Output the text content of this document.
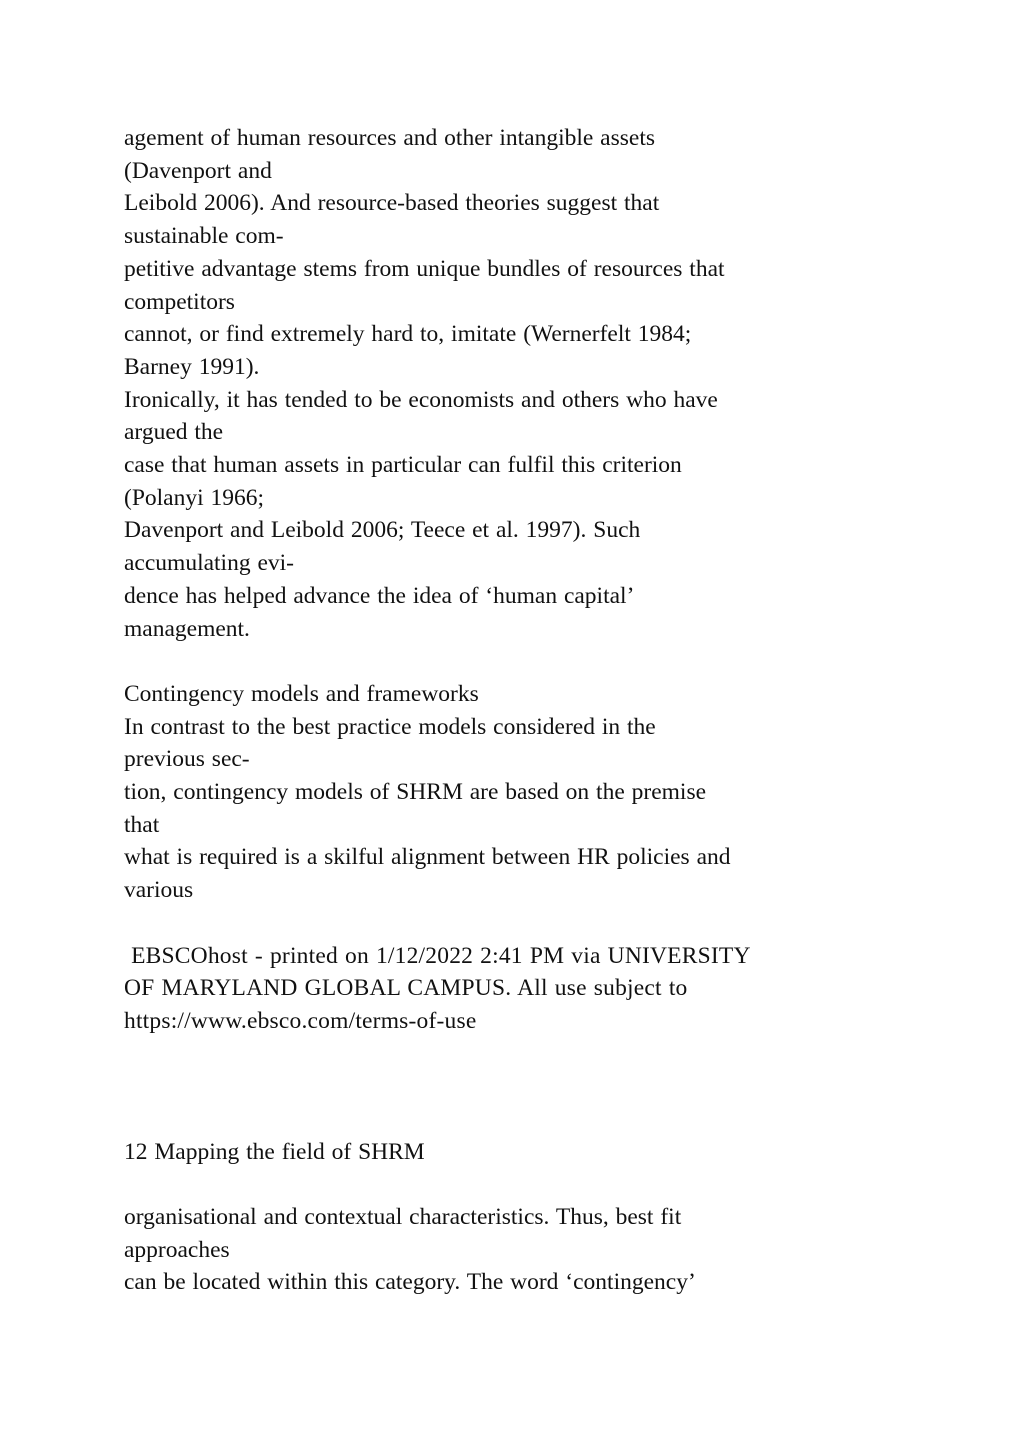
agement of human resources and other intangible assets
(Davenport and
Leibold 2006). And resource-based theories suggest that
sustainable com-
petitive advantage stems from unique bundles of resources that
competitors
cannot, or find extremely hard to, imitate (Wernerfelt 1984;
Barney 1991).
Ironically, it has tended to be economists and others who have
argued the
case that human assets in particular can fulfil this criterion
(Polanyi 1966;
Davenport and Leibold 2006; Teece et al. 1997). Such
accumulating evi-
dence has helped advance the idea of ‘human capital’
management.
Contingency models and frameworks
In contrast to the best practice models considered in the
previous sec-
tion, contingency models of SHRM are based on the premise
that
what is required is a skilful alignment between HR policies and
various
EBSCOhost - printed on 1/12/2022 2:41 PM via UNIVERSITY
OF MARYLAND GLOBAL CAMPUS. All use subject to
https://www.ebsco.com/terms-of-use
12 Mapping the field of SHRM
organisational and contextual characteristics. Thus, best fit
approaches
can be located within this category. The word ‘contingency’
